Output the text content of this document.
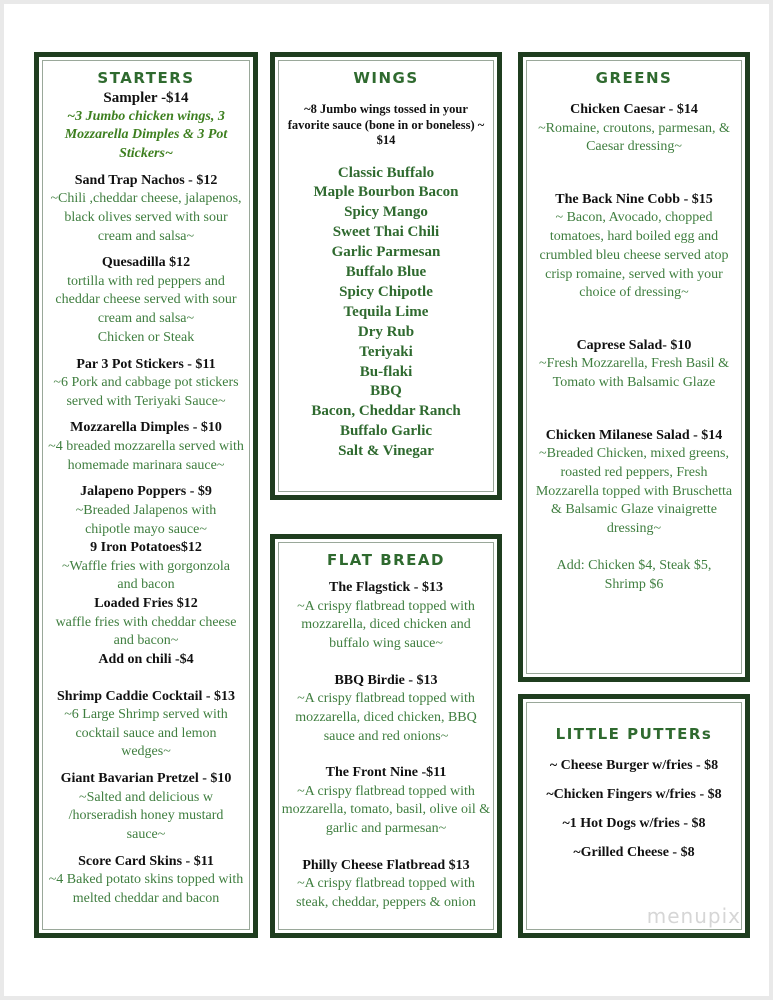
STARTERS
Sampler -$14
~3 Jumbo chicken wings, 3 Mozzarella Dimples & 3 Pot Stickers~
Sand Trap Nachos - $12
~Chili ,cheddar cheese, jalapenos, black olives served with sour cream and salsa~
Quesadilla $12
tortilla with red peppers and cheddar cheese served with sour cream and salsa~
Chicken or Steak
Par 3 Pot Stickers - $11
~6 Pork and cabbage pot stickers served with Teriyaki Sauce~
Mozzarella Dimples - $10
~4 breaded mozzarella served with homemade marinara sauce~
Jalapeno Poppers - $9
~Breaded Jalapenos with chipotle mayo sauce~
9 Iron Potatoes$12
~Waffle fries with gorgonzola and bacon
Loaded Fries $12
waffle fries with cheddar cheese and bacon~
Add on chili -$4
Shrimp Caddie Cocktail - $13
~6 Large Shrimp served with cocktail sauce and lemon wedges~
Giant Bavarian Pretzel - $10
~Salted and delicious w /horseradish honey mustard sauce~
Score Card Skins - $11
~4 Baked potato skins topped with melted cheddar and bacon
WINGS
~8 Jumbo wings tossed in your favorite sauce (bone in or boneless) ~ $14
Classic Buffalo
Maple Bourbon Bacon
Spicy Mango
Sweet Thai Chili
Garlic Parmesan
Buffalo Blue
Spicy Chipotle
Tequila Lime
Dry Rub
Teriyaki
Bu-flaki
BBQ
Bacon, Cheddar Ranch
Buffalo Garlic
Salt & Vinegar
FLAT BREAD
The Flagstick - $13
~A crispy flatbread topped with mozzarella, diced chicken and buffalo wing sauce~
BBQ Birdie - $13
~A crispy flatbread topped with mozzarella, diced chicken, BBQ sauce and red onions~
The Front Nine -$11
~A crispy flatbread topped with mozzarella, tomato, basil, olive oil & garlic and parmesan~
Philly Cheese Flatbread $13
~A crispy flatbread topped with steak, cheddar, peppers & onion
GREENS
Chicken Caesar - $14
~Romaine, croutons, parmesan, & Caesar dressing~
The Back Nine Cobb - $15
~ Bacon, Avocado, chopped tomatoes, hard boiled egg and crumbled bleu cheese served atop crisp romaine, served with your choice of dressing~
Caprese Salad- $10
~Fresh Mozzarella, Fresh Basil & Tomato with Balsamic Glaze
Chicken Milanese Salad - $14
~Breaded Chicken, mixed greens, roasted red peppers, Fresh Mozzarella topped with Bruschetta & Balsamic Glaze vinaigrette dressing~
Add: Chicken $4, Steak $5, Shrimp $6
LITTLE PUTTERs
~ Cheese Burger w/fries - $8
~Chicken Fingers w/fries - $8
~1 Hot Dogs w/fries - $8
~Grilled Cheese - $8
menupix
